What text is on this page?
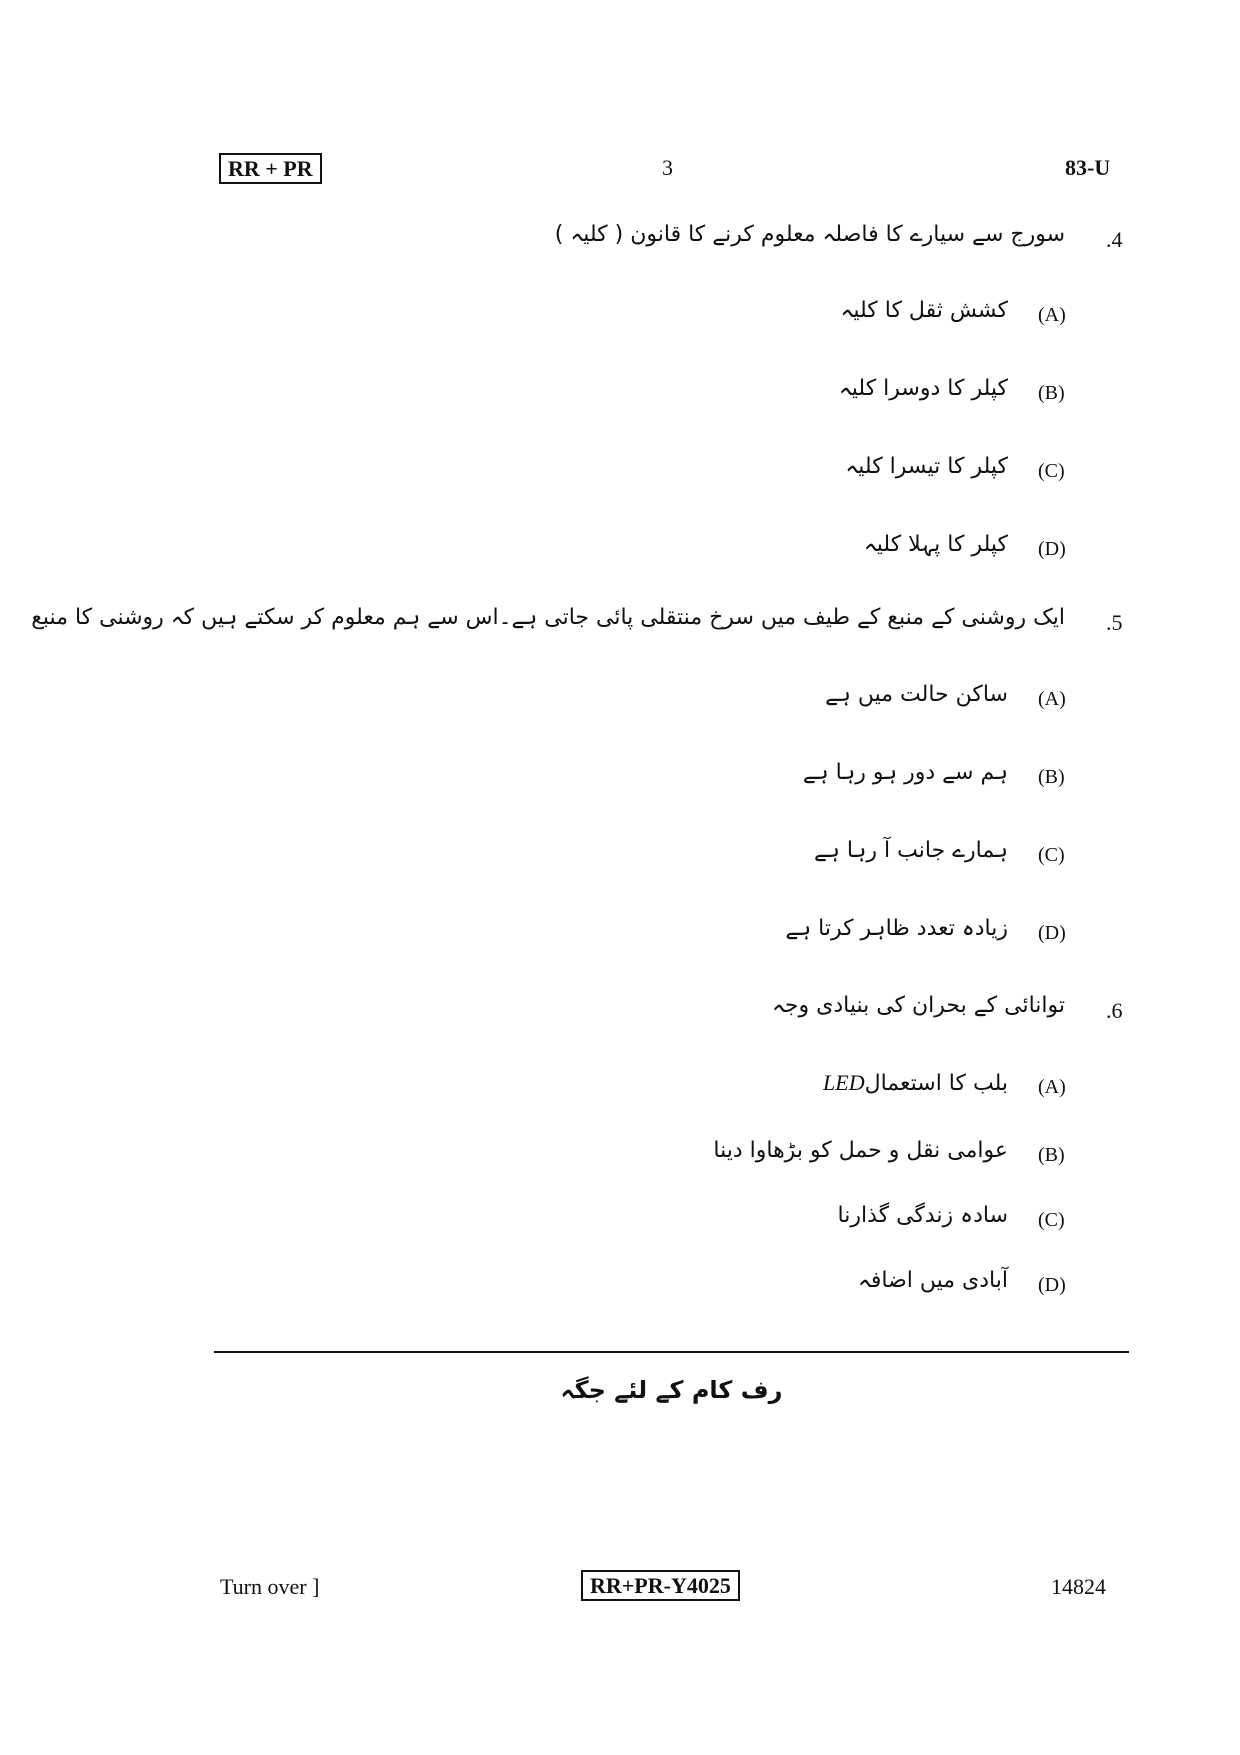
RR + PR	3	83-U
.4
سورج سے سیارے کا فاصلہ معلوم کرنے کا قانون ( کلیہ )
(A)
کشش ثقل کا کلیہ
(B)
کپلر کا دوسرا کلیہ
(C)
کپلر کا تیسرا کلیہ
(D)
کپلر کا پہلا کلیہ
.5
ایک روشنی کے منبع کے طیف میں سرخ منتقلی پائی جاتی ہے۔اس سے ہم معلوم کر سکتے ہیں کہ روشنی کا منبع
(A)
ساکن حالت میں ہے
(B)
ہم سے دور ہو رہا ہے
(C)
ہمارے جانب آ رہا ہے
(D)
زیادہ تعدد ظاہر کرتا ہے
.6
توانائی کے بحران کی بنیادی وجہ
(A)
بلب کا استعمالLED
(B)
عوامی نقل و حمل کو بڑھاوا دینا
(C)
سادہ زندگی گذارنا
(D)
آبادی میں اضافہ
رف کام کے لئے جگہ
Turn over ]	RR+PR-Y4025	14824
